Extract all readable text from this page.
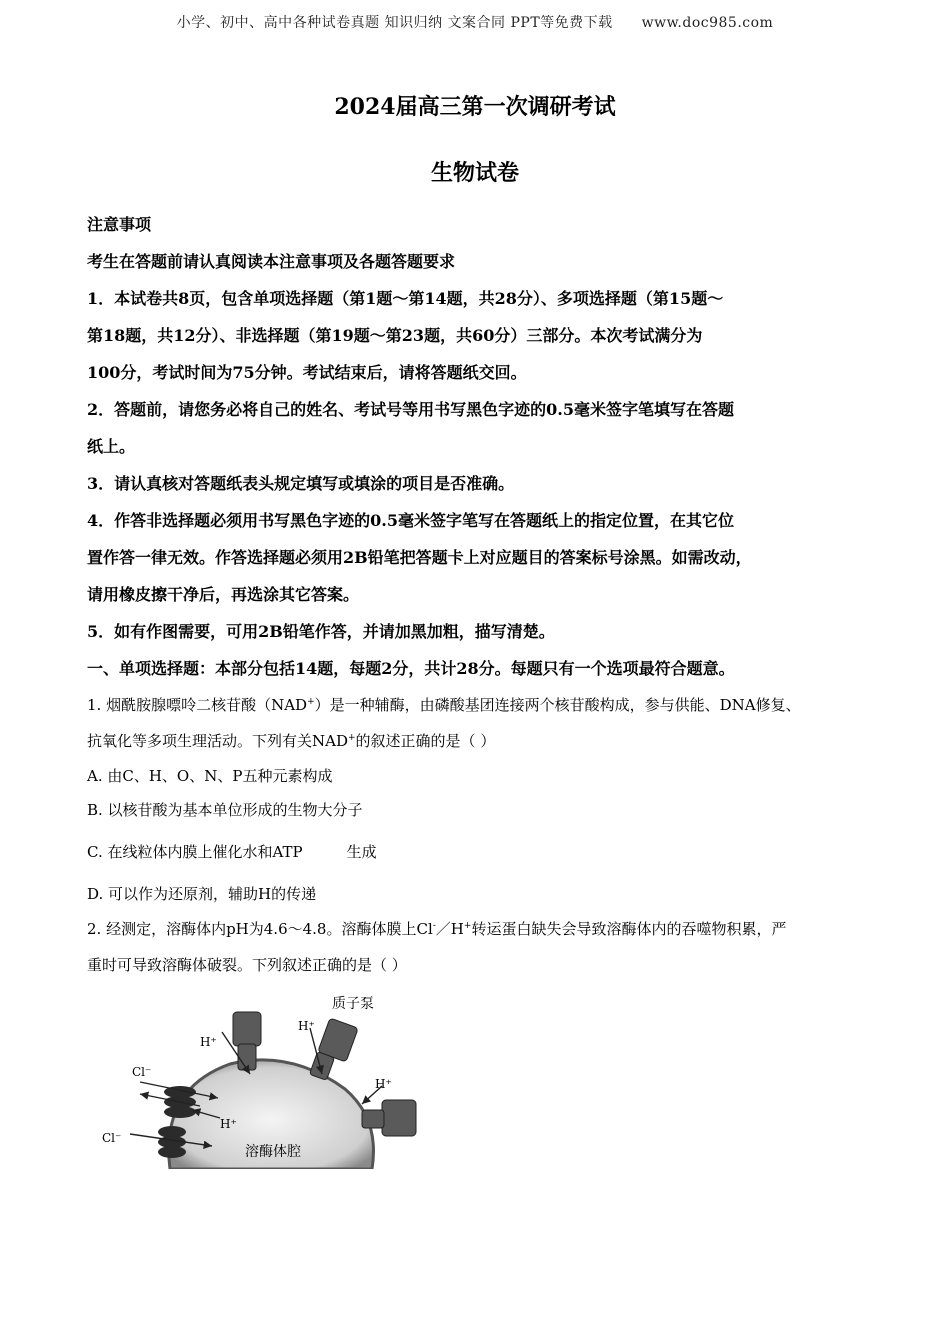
小学、初中、高中各种试卷真题 知识归纳 文案合同 PPT等免费下载 www.doc985.com
2024届高三第一次调研考试
生物试卷

注意事项

考生在答题前请认真阅读本注意事项及各题答题要求

1．本试卷共8页，包含单项选择题（第1题～第14题，共28分）、多项选择题（第15题～

第18题，共12分）、非选择题（第19题～第23题，共60分）三部分。本次考试满分为

100分，考试时间为75分钟。考试结束后，请将答题纸交回。

2．答题前，请您务必将自己的姓名、考试号等用书写黑色字迹的0.5毫米签字笔填写在答题

纸上。

3．请认真核对答题纸表头规定填写或填涂的项目是否准确。

4．作答非选择题必须用书写黑色字迹的0.5毫米签字笔写在答题纸上的指定位置，在其它位

置作答一律无效。作答选择题必须用2B铅笔把答题卡上对应题目的答案标号涂黑。如需改动，

请用橡皮擦干净后，再选涂其它答案。

5．如有作图需要，可用2B铅笔作答，并请加黑加粗，描写清楚。

一、单项选择题：本部分包括14题，每题2分，共计28分。每题只有一个选项最符合题意。

1. 烟酰胺腺嘌呤二核苷酸（NAD+）是一种辅酶，由磷酸基团连接两个核苷酸构成，参与供能、DNA修复、

抗氧化等多项生理活动。下列有关NAD+的叙述正确的是（ ）

A. 由C、H、O、N、P五种元素构成

B. 以核苷酸为基本单位形成的生物大分子

C. 在线粒体内膜上催化水和ATP	生成

D. 可以作为还原剂，辅助H的传递

2. 经测定，溶酶体内pH为4.6～4.8。溶酶体膜上Cl-／H+转运蛋白缺失会导致溶酶体内的吞噬物积累，严

重时可导致溶酶体破裂。下列叙述正确的是（ ）

质子泵
溶酶体腔
H⁺
H⁺
H⁺
H⁺
Cl⁻
Cl⁻
